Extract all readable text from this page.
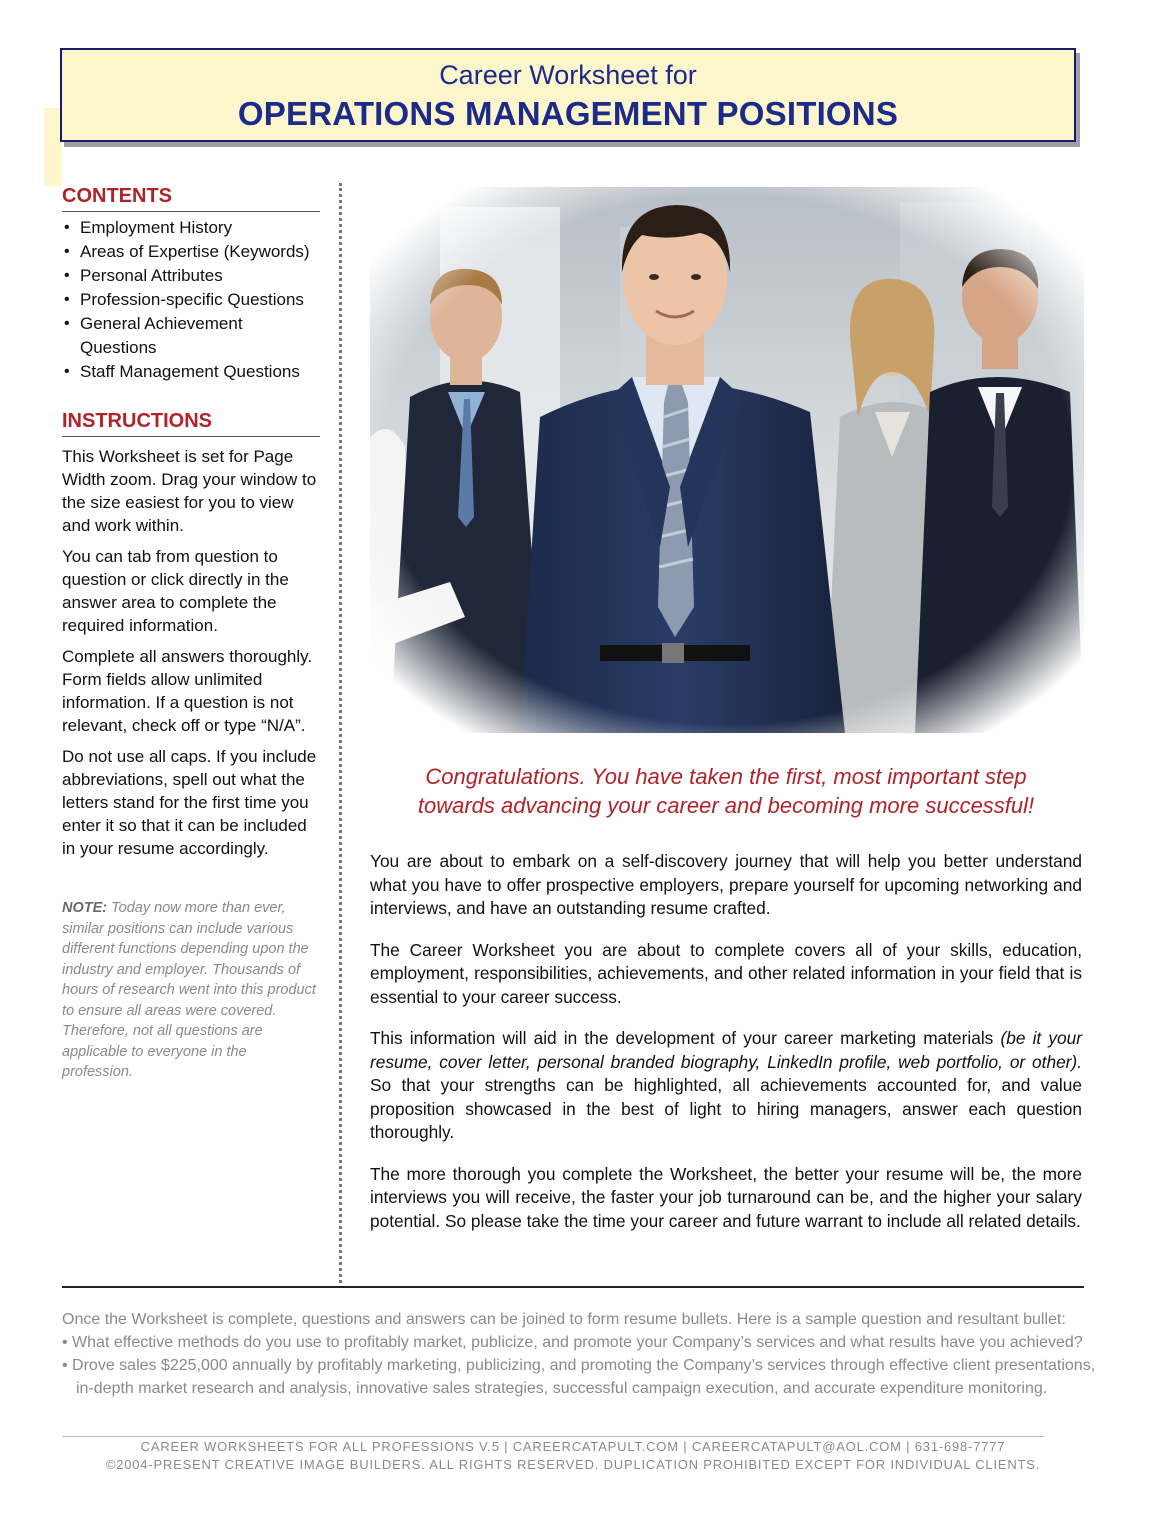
Career Worksheet for
OPERATIONS MANAGEMENT POSITIONS
CONTENTS
• Employment History
• Areas of Expertise (Keywords)
• Personal Attributes
• Profession-specific Questions
• General Achievement Questions
• Staff Management Questions
INSTRUCTIONS

This Worksheet is set for Page Width zoom. Drag your window to the size easiest for you to view and work within.

You can tab from question to question or click directly in the answer area to complete the required information.

Complete all answers thoroughly. Form fields allow unlimited information. If a question is not relevant, check off or type “N/A”.

Do not use all caps. If you include abbreviations, spell out what the letters stand for the first time you enter it so that it can be included in your resume accordingly.

NOTE: Today now more than ever, similar positions can include various different functions depending upon the industry and employer. Thousands of hours of research went into this product to ensure all areas were covered. Therefore, not all questions are applicable to everyone in the profession.
Congratulations. You have taken the first, most important step
towards advancing your career and becoming more successful!

You are about to embark on a self-discovery journey that will help you better understand what you have to offer prospective employers, prepare yourself for upcoming networking and interviews, and have an outstanding resume crafted.

The Career Worksheet you are about to complete covers all of your skills, education, employment, responsibilities, achievements, and other related information in your field that is essential to your career success.

This information will aid in the development of your career marketing materials (be it your resume, cover letter, personal branded biography, LinkedIn profile, web portfolio, or other). So that your strengths can be highlighted, all achievements accounted for, and value proposition showcased in the best of light to hiring managers, answer each question thoroughly.

The more thorough you complete the Worksheet, the better your resume will be, the more interviews you will receive, the faster your job turnaround can be, and the higher your salary potential. So please take the time your career and future warrant to include all related details.

Once the Worksheet is complete, questions and answers can be joined to form resume bullets. Here is a sample question and resultant bullet:
• What effective methods do you use to profitably market, publicize, and promote your Company’s services and what results have you achieved?
• Drove sales $225,000 annually by profitably marketing, publicizing, and promoting the Company’s services through effective client presentations,
in-depth market research and analysis, innovative sales strategies, successful campaign execution, and accurate expenditure monitoring.
CAREER WORKSHEETS FOR ALL PROFESSIONS V.5 | CAREERCATAPULT.COM | CAREERCATAPULT@AOL.COM | 631-698-7777
©2004-PRESENT CREATIVE IMAGE BUILDERS. ALL RIGHTS RESERVED. DUPLICATION PROHIBITED EXCEPT FOR INDIVIDUAL CLIENTS.
